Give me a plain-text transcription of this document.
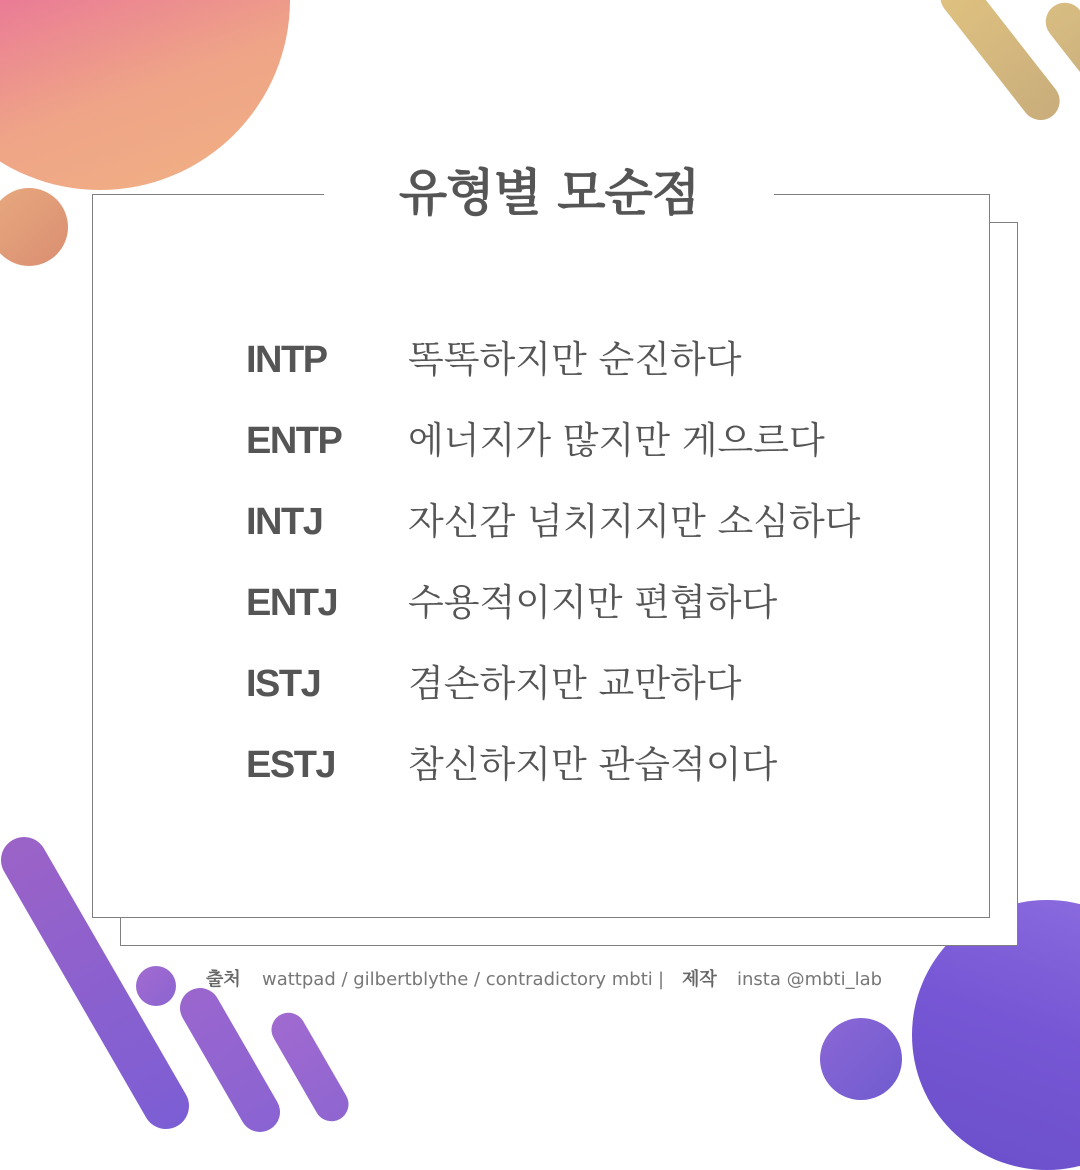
유형별 모순점
INTP	똑똑하지만 순진하다
ENTP	에너지가 많지만 게으르다
INTJ	자신감 넘치지지만 소심하다
ENTJ	수용적이지만 편협하다
ISTJ	겸손하지만 교만하다
ESTJ	참신하지만 관습적이다
출처 wattpad / gilbertblythe / contradictory mbti | 제작 insta @mbti_lab
